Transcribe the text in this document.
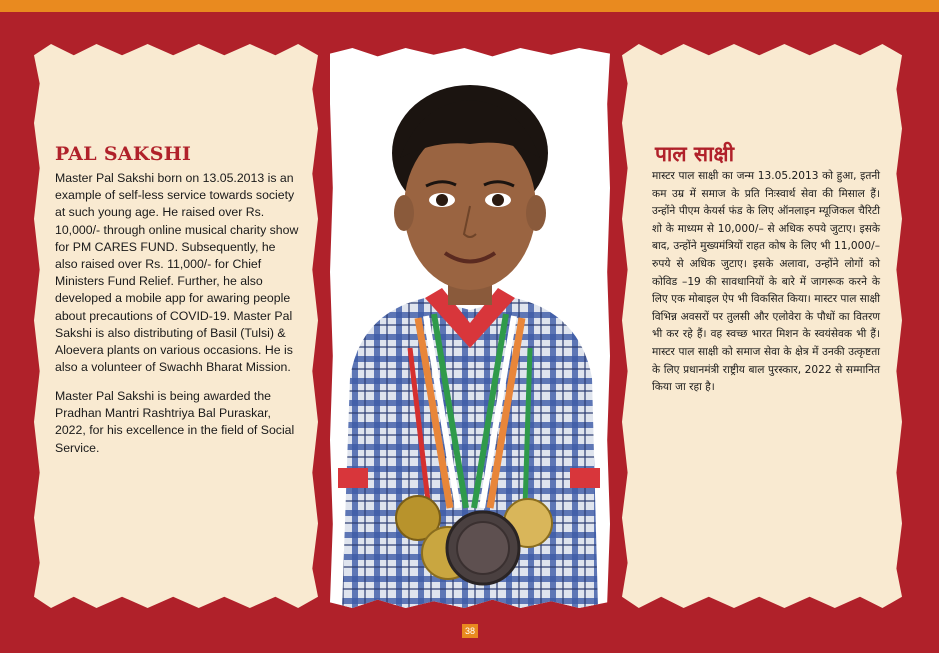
PAL SAKSHI
Master Pal Sakshi born on 13.05.2013 is an example of self-less service towards society at such young age. He raised over Rs. 10,000/- through online musical charity show for PM CARES FUND. Subsequently, he also raised over Rs. 11,000/- for Chief Ministers Fund Relief. Further, he also developed a mobile app for awaring people about precautions of COVID-19. Master Pal Sakshi is also distributing of Basil (Tulsi) & Aloevera plants on various occasions. He is also a volunteer of Swachh Bharat Mission.
Master Pal Sakshi is being awarded the Pradhan Mantri Rashtriya Bal Puraskar, 2022, for his excellence in the field of Social Service.
पाल साक्षी
मास्टर पाल साक्षी का जन्म 13.05.2013 को हुआ, इतनी कम उम्र में समाज के प्रति निःस्वार्थ सेवा की मिसाल हैं। उन्होंने पीएम केयर्स फंड के लिए ऑनलाइन म्यूजिकल चैरिटी शो के माध्यम से 10,000/– से अधिक रुपये जुटाए। इसके बाद, उन्होंने मुख्यमंत्रियों राहत कोष के लिए भी 11,000/– रुपये से अधिक जुटाए। इसके अलावा, उन्होंने लोगों को कोविड –19 की सावधानियों के बारे में जागरूक करने के लिए एक मोबाइल ऐप भी विकसित किया। मास्टर पाल साक्षी विभिन्न अवसरों पर तुलसी और एलोवेरा के पौधों का वितरण भी कर रहे हैं। वह स्वच्छ भारत मिशन के स्वयंसेवक भी हैं। मास्टर पाल साक्षी को समाज सेवा के क्षेत्र में उनकी उत्कृष्टता के लिए प्रधानमंत्री राष्ट्रीय बाल पुरस्कार, 2022 से सम्मानित किया जा रहा है।
38
